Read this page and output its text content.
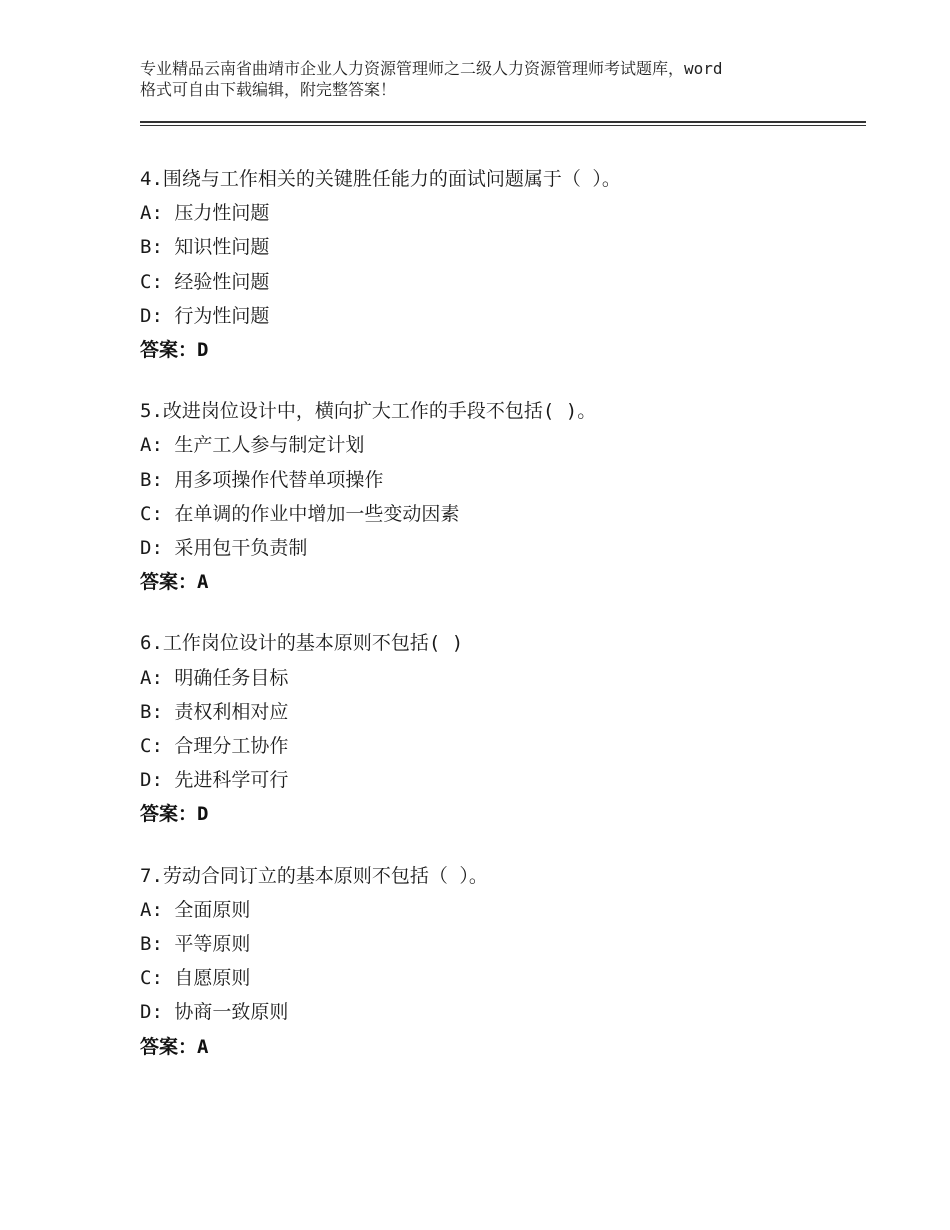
专业精品云南省曲靖市企业人力资源管理师之二级人力资源管理师考试题库，word
格式可自由下载编辑，附完整答案！
4.围绕与工作相关的关键胜任能力的面试问题属于（ ）。
A: 压力性问题
B: 知识性问题
C: 经验性问题
D: 行为性问题
答案：D
5.改进岗位设计中，横向扩大工作的手段不包括( )。
A: 生产工人参与制定计划
B: 用多项操作代替单项操作
C: 在单调的作业中增加一些变动因素
D: 采用包干负责制
答案：A
6.工作岗位设计的基本原则不包括( )
A: 明确任务目标
B: 责权利相对应
C: 合理分工协作
D: 先进科学可行
答案：D
7.劳动合同订立的基本原则不包括（ ）。
A: 全面原则
B: 平等原则
C: 自愿原则
D: 协商一致原则
答案：A
